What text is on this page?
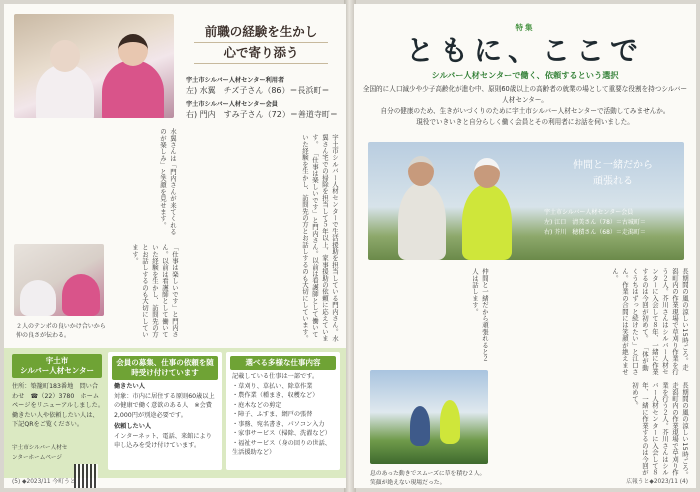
前職の経験を生かし
心で寄り添う
宇土市シルバー人材センター利用者
左) 水翼　チズ子さん（86）＝長浜町＝
宇土市シルバー人材センター会員
右) 門内　すみ子さん（72）＝善道寺町＝
宇土市シルバー人材センターで生活援助を担当している門内さん。水翼さん宅での掃除を担当して５年以上、家事援助の依頼に応えています。 「仕事は楽しいです」と門内さん。以前は看護師として働いていた経験を生かし、訪問先の方とお話しするのも大切にしています。
水翼さんは「門内さんが来てくれるのが楽しみ」と笑顔を見せます。
「仕事は楽しいです」と門内さん。以前は看護師として働いていた経験を生かし、訪問先の方とお話しするのも大切にしています。
２人のテンポの良いかけ合いから仲の良さが伝わる。
宇土市
シルバー人材センター
住所：築籠町183番地　問い合わせ　☎（22）3780　ホームページをリニューアルしました。働きたい人や依頼したい人は、下記QRをご覧ください。
宇土市シルバー人材センターホームページ
会員の募集、仕事の依頼を随時受け付けています
働きたい人
対象：市内に居住する原則60歳以上の健康で働く意欲のある人　※会費2,000円が別途必要です。
依頼したい人
インターネット、電話、来館により申し込みを受け付けています。
選べる多様な仕事内容
記載している仕事は一部です。
・草刈り、草払い、除草作業
・農作業（種まき、収穫など）
・庭木などの剪定
・障子、ふすま、網戸の張替
・事務、宛名書き、パソコン入力
・家事サービス（掃除、洗濯など）
・福祉サービス（身の回りの世話、生活援助など）
(5) ◆2023/11 今町うと
特集
ともに、ここで
シルバー人材センターで働く、依頼するという選択
全国的に人口減少や少子高齢化が進む中、原則60歳以上の高齢者の就業の場として重要な役割を持つシルバー人材センター。
自分の健康のため、生きがいづくりのために宇土市シルバー人材センターで活動してみませんか。
現役でいきいきと自分らしく働く会員とその利用者にお話を伺いました。
仲間と一緒だから
頑張れる
宇土市シルバー人材センター会員
左) 江口　清美さん（78）＝古城町＝
右) 芥川　穂積さん（68）＝走潟町＝
長期間の風の涼しい15時ごろ。走潟町内の作業現場で草刈り作業を行う２人。芥川さんはシルバー人材センターに入会して８年、一緒に作業するのは今回が初めて。 「体が動くうちはずっと続けたい」と江口さん。作業の合間には笑顔が絶えません。
仲間と一緒だから頑張れると２人は話します。
長期間の風の涼しい15時ごろ。走潟町内の作業現場で草刈り作業を行う２人。芥川さんはシルバー人材センターに入会して８年、一緒に作業するのは今回が初めて。
息のあった動きでスムーズに草を積む２人。笑顔が絶えない現場だった。	広報うと◆2023/11 (4)
